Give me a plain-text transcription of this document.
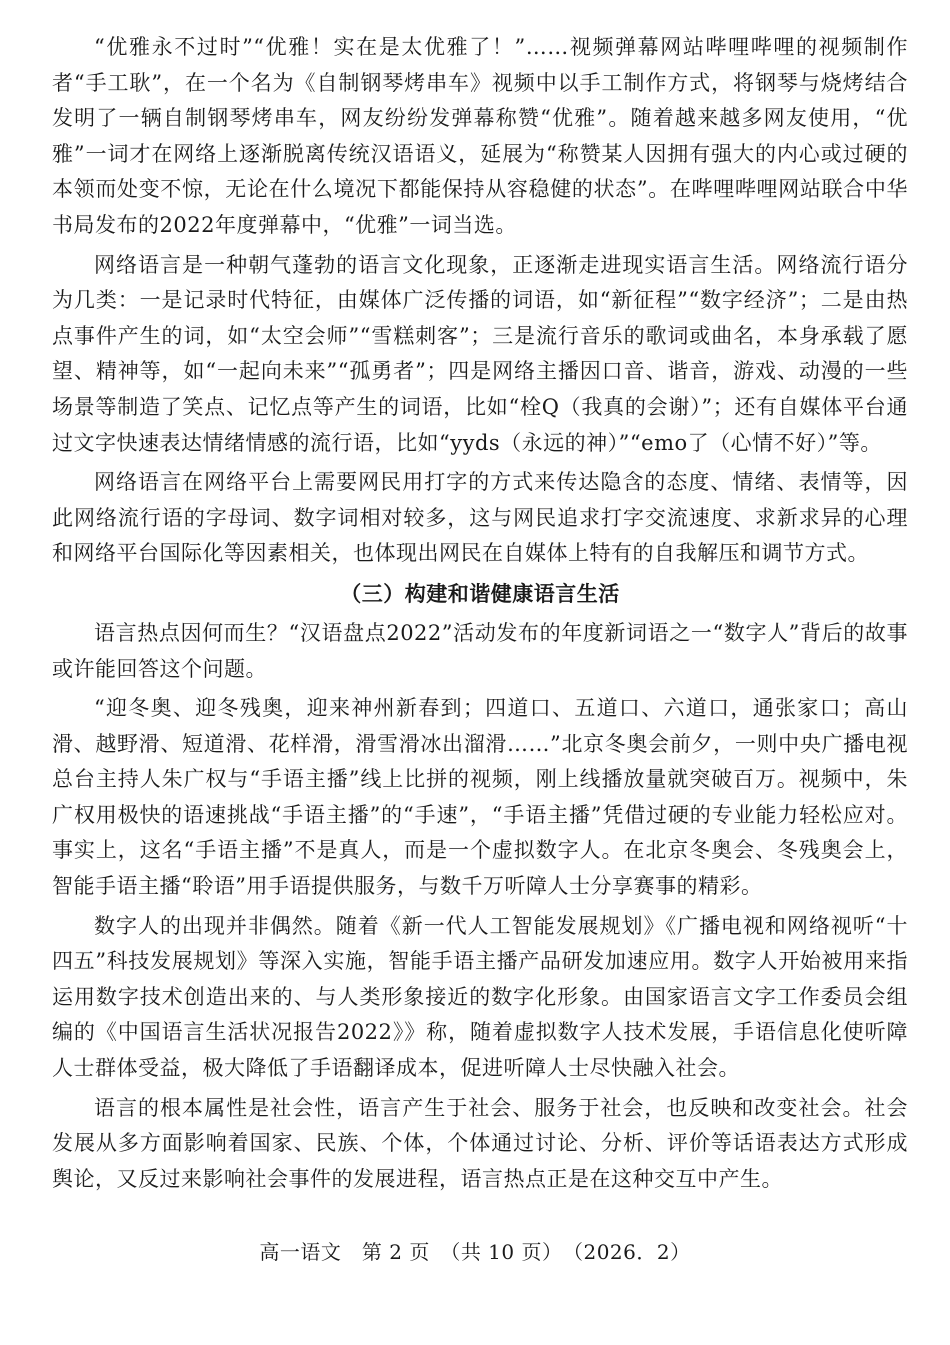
“优雅永不过时”“优雅！实在是太优雅了！”……视频弹幕网站哔哩哔哩的视频制作者“手工耿”，在一个名为《自制钢琴烤串车》视频中以手工制作方式，将钢琴与烧烤结合发明了一辆自制钢琴烤串车，网友纷纷发弹幕称赞“优雅”。随着越来越多网友使用，“优雅”一词才在网络上逐渐脱离传统汉语语义，延展为“称赞某人因拥有强大的内心或过硬的本领而处变不惊，无论在什么境况下都能保持从容稳健的状态”。在哔哩哔哩网站联合中华书局发布的2022年度弹幕中，“优雅”一词当选。

网络语言是一种朝气蓬勃的语言文化现象，正逐渐走进现实语言生活。网络流行语分为几类：一是记录时代特征，由媒体广泛传播的词语，如“新征程”“数字经济”；二是由热点事件产生的词，如“太空会师”“雪糕刺客”；三是流行音乐的歌词或曲名，本身承载了愿望、精神等，如“一起向未来”“孤勇者”；四是网络主播因口音、谐音，游戏、动漫的一些场景等制造了笑点、记忆点等产生的词语，比如“栓Q（我真的会谢）”；还有自媒体平台通过文字快速表达情绪情感的流行语，比如“yyds（永远的神）”“emo了（心情不好）”等。

网络语言在网络平台上需要网民用打字的方式来传达隐含的态度、情绪、表情等，因此网络流行语的字母词、数字词相对较多，这与网民追求打字交流速度、求新求异的心理和网络平台国际化等因素相关，也体现出网民在自媒体上特有的自我解压和调节方式。

（三）构建和谐健康语言生活

语言热点因何而生？“汉语盘点2022”活动发布的年度新词语之一“数字人”背后的故事或许能回答这个问题。

“迎冬奥、迎冬残奥，迎来神州新春到；四道口、五道口、六道口，通张家口；高山滑、越野滑、短道滑、花样滑，滑雪滑冰出溜滑……”北京冬奥会前夕，一则中央广播电视总台主持人朱广权与“手语主播”线上比拼的视频，刚上线播放量就突破百万。视频中，朱广权用极快的语速挑战“手语主播”的“手速”，“手语主播”凭借过硬的专业能力轻松应对。事实上，这名“手语主播”不是真人，而是一个虚拟数字人。在北京冬奥会、冬残奥会上，智能手语主播“聆语”用手语提供服务，与数千万听障人士分享赛事的精彩。

数字人的出现并非偶然。随着《新一代人工智能发展规划》《广播电视和网络视听“十四五”科技发展规划》等深入实施，智能手语主播产品研发加速应用。数字人开始被用来指运用数字技术创造出来的、与人类形象接近的数字化形象。由国家语言文字工作委员会组编的《中国语言生活状况报告2022》》称，随着虚拟数字人技术发展，手语信息化使听障人士群体受益，极大降低了手语翻译成本，促进听障人士尽快融入社会。

语言的根本属性是社会性，语言产生于社会、服务于社会，也反映和改变社会。社会发展从多方面影响着国家、民族、个体，个体通过讨论、分析、评价等话语表达方式形成舆论，又反过来影响社会事件的发展进程，语言热点正是在这种交互中产生。

高一语文　第 2 页　（共 10 页）　（2026．2）
